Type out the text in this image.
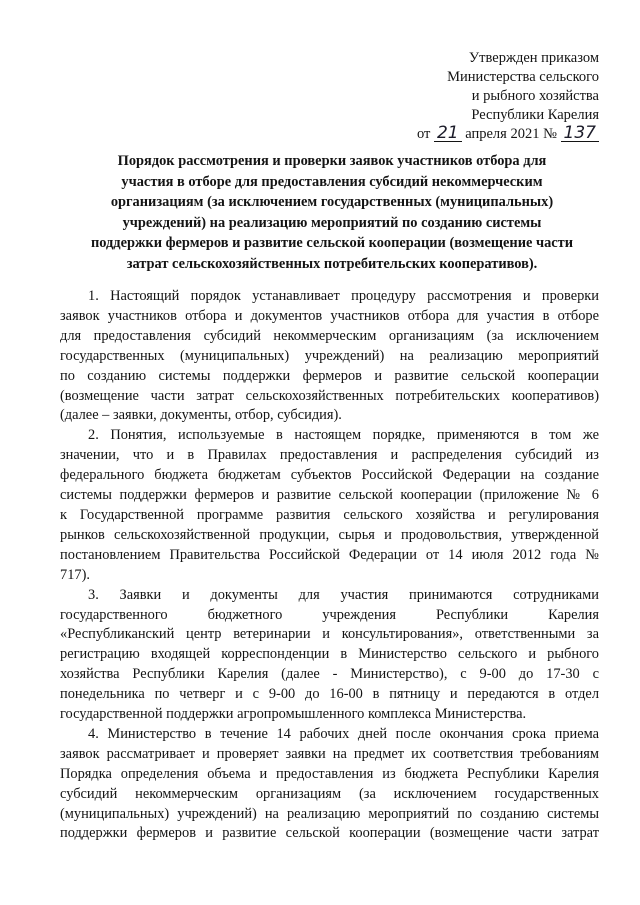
Утвержден приказом
Министерства сельского
и рыбного хозяйства
Республики Карелия
от 21 апреля 2021 № 137
Порядок рассмотрения и проверки заявок участников отбора для
участия в отборе для предоставления субсидий некоммерческим
организациям (за исключением государственных (муниципальных)
учреждений) на реализацию мероприятий по созданию системы
поддержки фермеров и развитие сельской кооперации (возмещение части
затрат сельскохозяйственных потребительских кооперативов).
1. Настоящий порядок устанавливает процедуру рассмотрения и проверки
заявок участников отбора и документов участников отбора для участия в отборе
для предоставления субсидий некоммерческим организациям (за исключением
государственных (муниципальных) учреждений) на реализацию мероприятий
по созданию системы поддержки фермеров и развитие сельской кооперации
(возмещение части затрат сельскохозяйственных потребительских кооперативов)
(далее – заявки, документы, отбор, субсидия).
2. Понятия, используемые в настоящем порядке, применяются в том же
значении, что и в Правилах предоставления и распределения субсидий из
федерального бюджета бюджетам субъектов Российской Федерации на создание
системы поддержки фермеров и развитие сельской кооперации (приложение № 6
к Государственной программе развития сельского хозяйства и регулирования
рынков сельскохозяйственной продукции, сырья и продовольствия, утвержденной
постановлением Правительства Российской Федерации от 14 июля 2012 года №
717).
3. Заявки и документы для участия принимаются сотрудниками
государственного бюджетного учреждения Республики Карелия
«Республиканский центр ветеринарии и консультирования», ответственными за
регистрацию входящей корреспонденции в Министерство сельского и рыбного
хозяйства Республики Карелия (далее - Министерство), с 9-00 до 17-30 с
понедельника по четверг и с 9-00 до 16-00 в пятницу и передаются в отдел
государственной поддержки агропромышленного комплекса Министерства.
4. Министерство в течение 14 рабочих дней после окончания срока приема
заявок рассматривает и проверяет заявки на предмет их соответствия требованиям
Порядка определения объема и предоставления из бюджета Республики Карелия
субсидий некоммерческим организациям (за исключением государственных
(муниципальных) учреждений) на реализацию мероприятий по созданию системы
поддержки фермеров и развитие сельской кооперации (возмещение части затрат
